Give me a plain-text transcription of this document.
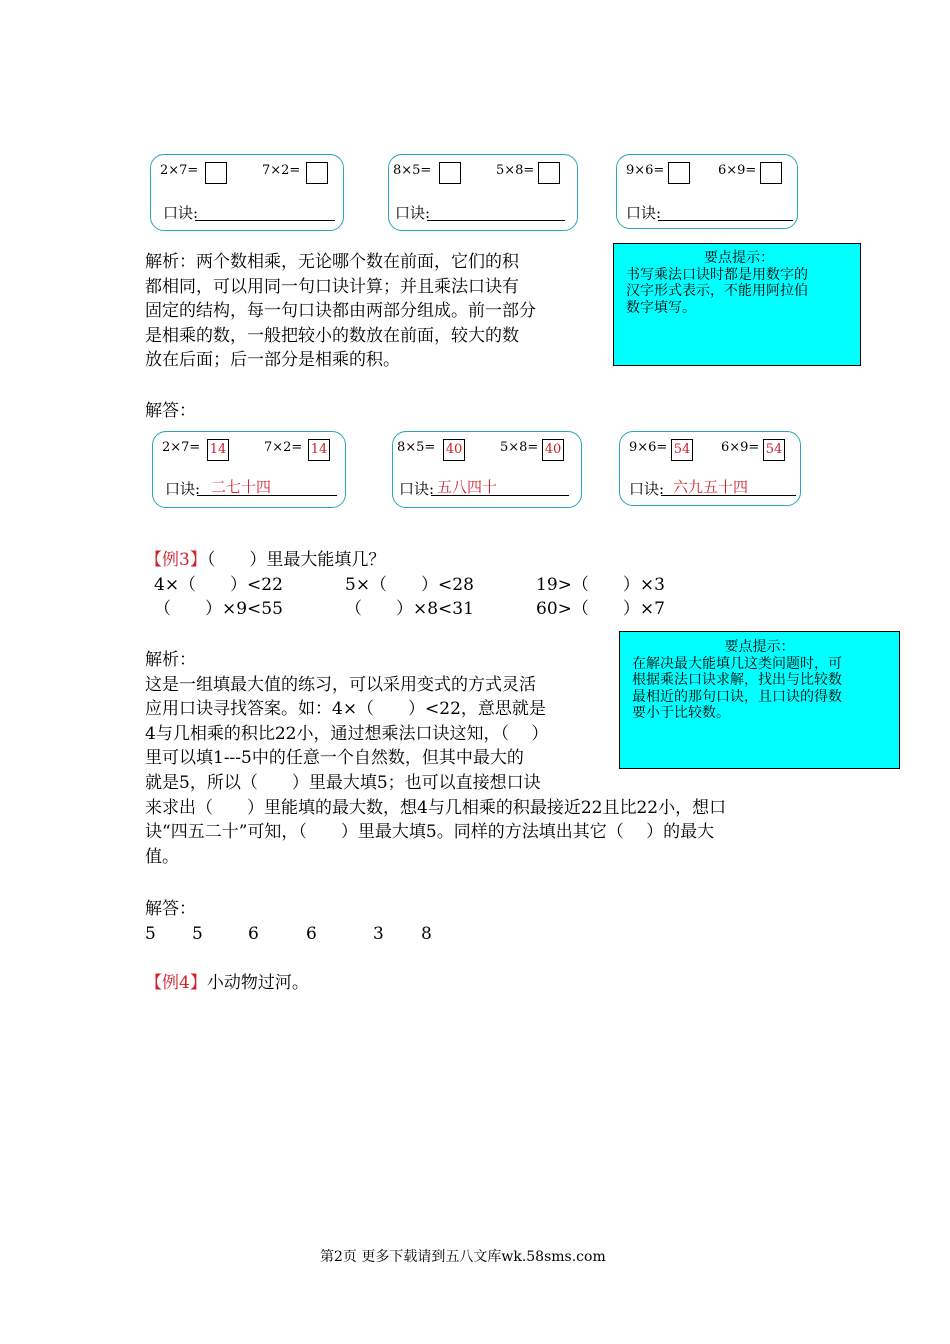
2×7=	7×2=
口诀:
8×5=	5×8=
口诀:
9×6=	6×9=
口诀:
解析：两个数相乘，无论哪个数在前面，它们的积
都相同，可以用同一句口诀计算；并且乘法口诀有
固定的结构，每一句口诀都由两部分组成。前一部分
是相乘的数，一般把较小的数放在前面，较大的数
放在后面；后一部分是相乘的积。
要点提示：
书写乘法口诀时都是用数字的
汉字形式表示，不能用阿拉伯
数字填写。
解答：
2×7= 14	7×2= 14
口诀: 二七十四
8×5= 40	5×8= 40
口诀: 五八四十
9×6= 54 6×9= 54
口诀: 六九五十四
【例3】（　　）里最大能填几？
4×（　　）<22	5×（　　）<28	19>（　　）×3
（　　）×9<55	（　　）×8<31	60>（　　）×7
要点提示：
在解决最大能填几这类问题时，可
根据乘法口诀求解，找出与比较数
最相近的那句口诀，且口诀的得数
要小于比较数。
解析：
这是一组填最大值的练习，可以采用变式的方式灵活
应用口诀寻找答案。如：4×（　　）<22，意思就是
4与几相乘的积比22小，通过想乘法口诀这知，（　 ）
里可以填1---5中的任意一个自然数，但其中最大的
就是5，所以（　　）里最大填5；也可以直接想口诀
来求出（　　）里能填的最大数，想4与几相乘的积最接近22且比22小，想口
诀“四五二十”可知，（　　）里最大填5。同样的方法填出其它（　 ）的最大
值。
解答：
5 5	6	6	3 8
【例4】小动物过河。
第2页 更多下载请到五八文库wk.58sms.com
